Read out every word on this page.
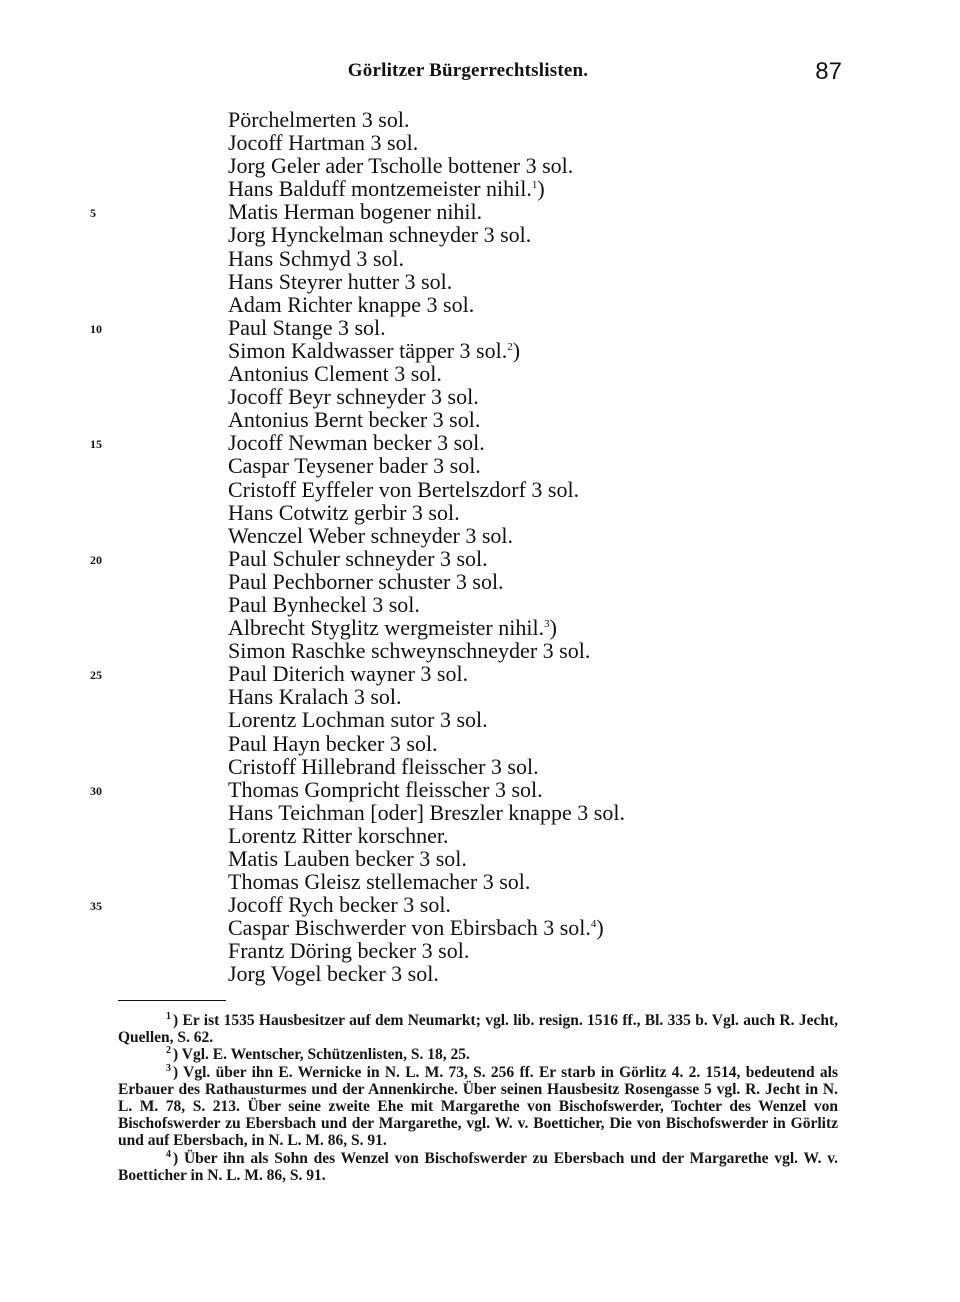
Görlitzer Bürgerrechtslisten.	87
Pörchelmerten 3 sol.
Jocoff Hartman 3 sol.
Jorg Geler ader Tscholle bottener 3 sol.
Hans Balduff montzemeister nihil.$^1$)
5	Matis Herman bogener nihil.
Jorg Hynckelman schneyder 3 sol.
Hans Schmyd 3 sol.
Hans Steyrer hutter 3 sol.
Adam Richter knappe 3 sol.
10	Paul Stange 3 sol.
Simon Kaldwasser täpper 3 sol.$^2$)
Antonius Clement 3 sol.
Jocoff Beyr schneyder 3 sol.
Antonius Bernt becker 3 sol.
15	Jocoff Newman becker 3 sol.
Caspar Teysener bader 3 sol.
Cristoff Eyffeler von Bertelszdorf 3 sol.
Hans Cotwitz gerbir 3 sol.
Wenczel Weber schneyder 3 sol.
20	Paul Schuler schneyder 3 sol.
Paul Pechborner schuster 3 sol.
Paul Bynheckel 3 sol.
Albrecht Styglitz wergmeister nihil.$^3$)
Simon Raschke schweynschneyder 3 sol.
25	Paul Diterich wayner 3 sol.
Hans Kralach 3 sol.
Lorentz Lochman sutor 3 sol.
Paul Hayn becker 3 sol.
Cristoff Hillebrand fleisscher 3 sol.
30	Thomas Gompricht fleisscher 3 sol.
Hans Teichman [oder] Breszler knappe 3 sol.
Lorentz Ritter korschner.
Matis Lauben becker 3 sol.
Thomas Gleisz stellemacher 3 sol.
35	Jocoff Rych becker 3 sol.
Caspar Bischwerder von Ebirsbach 3 sol.$^4$)
Frantz Döring becker 3 sol.
Jorg Vogel becker 3 sol.

$^1$ ) Er ist 1535 Hausbesitzer auf dem Neumarkt; vgl. lib. resign. 1516 ff., Bl. 335 b. Vgl. auch R. Jecht, Quellen, S. 62.

$^2$ ) Vgl. E. Wentscher, Schützenlisten, S. 18, 25.

$^3$ ) Vgl. über ihn E. Wernicke in N. L. M. 73, S. 256 ff. Er starb in Görlitz 4. 2. 1514, bedeutend als Erbauer des Rathausturmes und der Annenkirche. Über seinen Hausbesitz Rosengasse 5 vgl. R. Jecht in N. L. M. 78, S. 213. Über seine zweite Ehe mit Margarethe von Bischofswerder, Tochter des Wenzel von Bischofswerder zu Ebersbach und der Margarethe, vgl. W. v. Boetticher, Die von Bischofswerder in Görlitz und auf Ebersbach, in N. L. M. 86, S. 91.

$^4$ ) Über ihn als Sohn des Wenzel von Bischofswerder zu Ebersbach und der Margarethe vgl. W. v. Boetticher in N. L. M. 86, S. 91.
